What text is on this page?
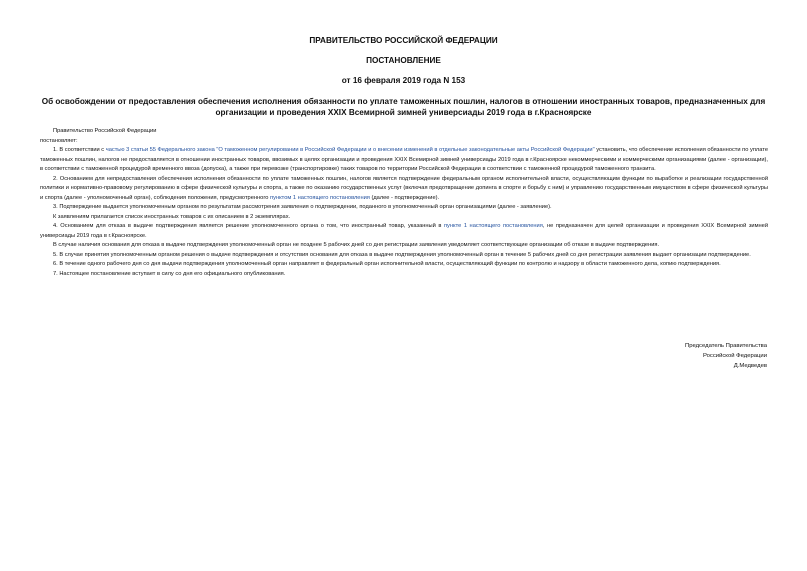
ПРАВИТЕЛЬСТВО РОССИЙСКОЙ ФЕДЕРАЦИИ
ПОСТАНОВЛЕНИЕ
от 16 февраля 2019 года N 153
Об освобождении от предоставления обеспечения исполнения обязанности по уплате таможенных пошлин, налогов в отношении иностранных товаров, предназначенных для организации и проведения XXIX Всемирной зимней универсиады 2019 года в г.Красноярске

Правительство Российской Федерации

постановляет:

1. В соответствии с частью 3 статьи 55 Федерального закона "О таможенном регулировании в Российской Федерации и о внесении изменений в отдельные законодательные акты Российской Федерации" установить, что обеспечение исполнения обязанности по уплате таможенных пошлин, налогов не предоставляется в отношении иностранных товаров, ввозимых в целях организации и проведения XXIX Всемирной зимней универсиады 2019 года в г.Красноярске некоммерческими и коммерческими организациями (далее - организации), в соответствии с таможенной процедурой временного ввоза (допуска), а также при перевозке (транспортировке) таких товаров по территории Российской Федерации в соответствии с таможенной процедурой таможенного транзита.

2. Основанием для непредоставления обеспечения исполнения обязанности по уплате таможенных пошлин, налогов является подтверждение федеральным органом исполнительной власти, осуществляющим функции по выработке и реализации государственной политики и нормативно-правовому регулированию в сфере физической культуры и спорта, а также по оказанию государственных услуг (включая предотвращение допинга в спорте и борьбу с ним) и управлению государственным имуществом в сфере физической культуры и спорта (далее - уполномоченный орган), соблюдения положения, предусмотренного пунктом 1 настоящего постановления (далее - подтверждение).

3. Подтверждение выдается уполномоченным органом по результатам рассмотрения заявления о подтверждении, поданного в уполномоченный орган организациями (далее - заявление).

К заявлениям прилагается список иностранных товаров с их описанием в 2 экземплярах.

4. Основанием для отказа в выдаче подтверждения является решение уполномоченного органа о том, что иностранный товар, указанный в пункте 1 настоящего постановления, не предназначен для целей организации и проведения XXIX Всемирной зимней универсиады 2019 года в г.Красноярске.

В случае наличия основания для отказа в выдаче подтверждения уполномоченный орган не позднее 5 рабочих дней со дня регистрации заявления уведомляет соответствующие организации об отказе в выдаче подтверждения.

5. В случае принятия уполномоченным органом решения о выдаче подтверждения и отсутствия основания для отказа в выдаче подтверждения уполномоченный орган в течение 5 рабочих дней со дня регистрации заявления выдает организации подтверждение.

6. В течение одного рабочего дня со дня выдачи подтверждения уполномоченный орган направляет в федеральный орган исполнительной власти, осуществляющий функции по контролю и надзору в области таможенного дела, копию подтверждения.

7. Настоящее постановление вступает в силу со дня его официального опубликования.

Председатель Правительства
Российской Федерации
Д.Медведев
